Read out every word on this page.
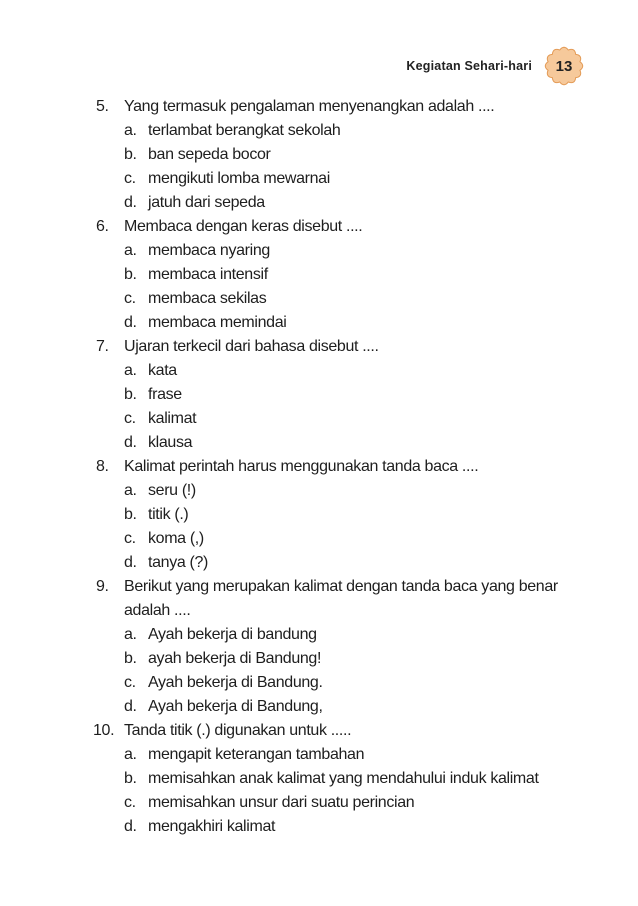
Kegiatan Sehari-hari 13
5. Yang termasuk pengalaman menyenangkan adalah ....
a. terlambat berangkat sekolah
b. ban sepeda bocor
c. mengikuti lomba mewarnai
d. jatuh dari sepeda
6. Membaca dengan keras disebut ....
a. membaca nyaring
b. membaca intensif
c. membaca sekilas
d. membaca memindai
7. Ujaran terkecil dari bahasa disebut ....
a. kata
b. frase
c. kalimat
d. klausa
8. Kalimat perintah harus menggunakan tanda baca ....
a. seru (!)
b. titik (.)
c. koma (,)
d. tanya (?)
9. Berikut yang merupakan kalimat dengan tanda baca yang benar adalah ....
a. Ayah bekerja di bandung
b. ayah bekerja di Bandung!
c. Ayah bekerja di Bandung.
d. Ayah bekerja di Bandung,
10. Tanda titik (.) digunakan untuk .....
a. mengapit keterangan tambahan
b. memisahkan anak kalimat yang mendahului induk kalimat
c. memisahkan unsur dari suatu perincian
d. mengakhiri kalimat
